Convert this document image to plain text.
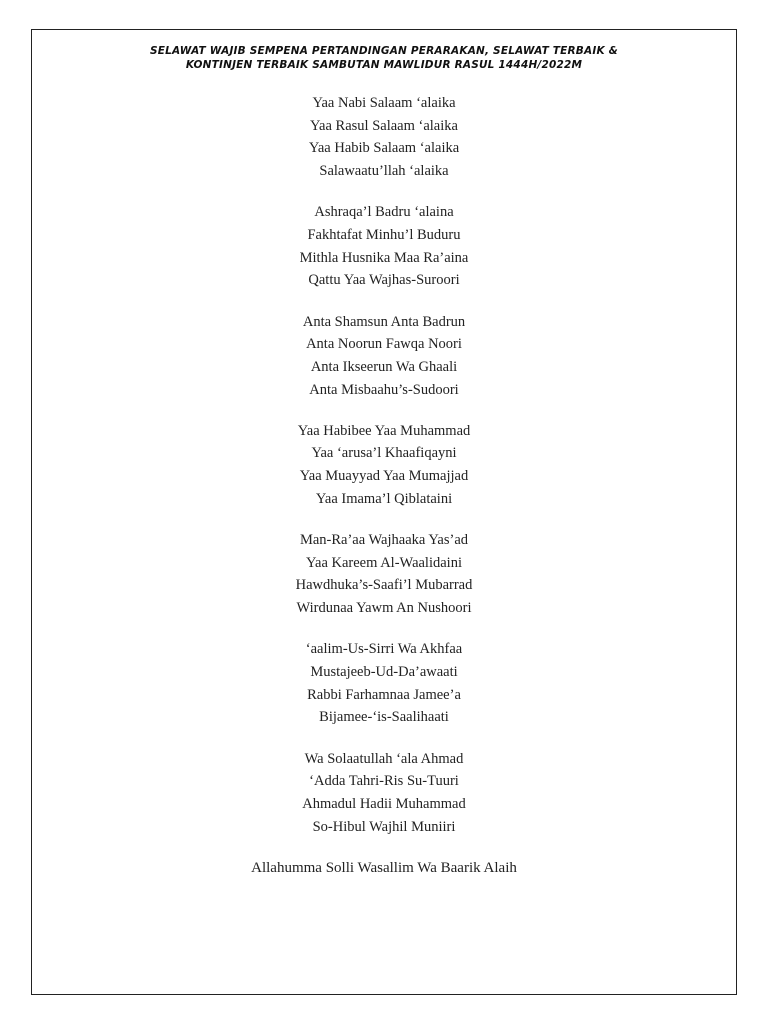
SELAWAT WAJIB SEMPENA PERTANDINGAN PERARAKAN, SELAWAT TERBAIK &
KONTINJEN TERBAIK SAMBUTAN MAWLIDUR RASUL 1444H/2022M
Yaa Nabi Salaam ‘alaika
Yaa Rasul Salaam ‘alaika
Yaa Habib Salaam ‘alaika
Salawaatu’llah ‘alaika
Ashraqa’l Badru ‘alaina
Fakhtafat Minhu’l Buduru
Mithla Husnika Maa Ra’aina
Qattu Yaa Wajhas-Suroori
Anta Shamsun Anta Badrun
Anta Noorun Fawqa Noori
Anta Ikseerun Wa Ghaali
Anta Misbaahu’s-Sudoori
Yaa Habibee Yaa Muhammad
Yaa ‘arusa’l Khaafiqayni
Yaa Muayyad Yaa Mumajjad
Yaa Imama’l Qiblataini
Man-Ra’aa Wajhaaka Yas’ad
Yaa Kareem Al-Waalidaini
Hawdhuka’s-Saafi’l Mubarrad
Wirdunaa Yawm An Nushoori
‘aalim-Us-Sirri Wa Akhfaa
Mustajeeb-Ud-Da’awaati
Rabbi Farhamnaa Jamee’a
Bijamee-‘is-Saalihaati
Wa Solaatullah ‘ala Ahmad
‘Adda Tahri-Ris Su-Tuuri
Ahmadul Hadii Muhammad
So-Hibul Wajhil Muniiri
Allahumma Solli Wasallim Wa Baarik Alaih
